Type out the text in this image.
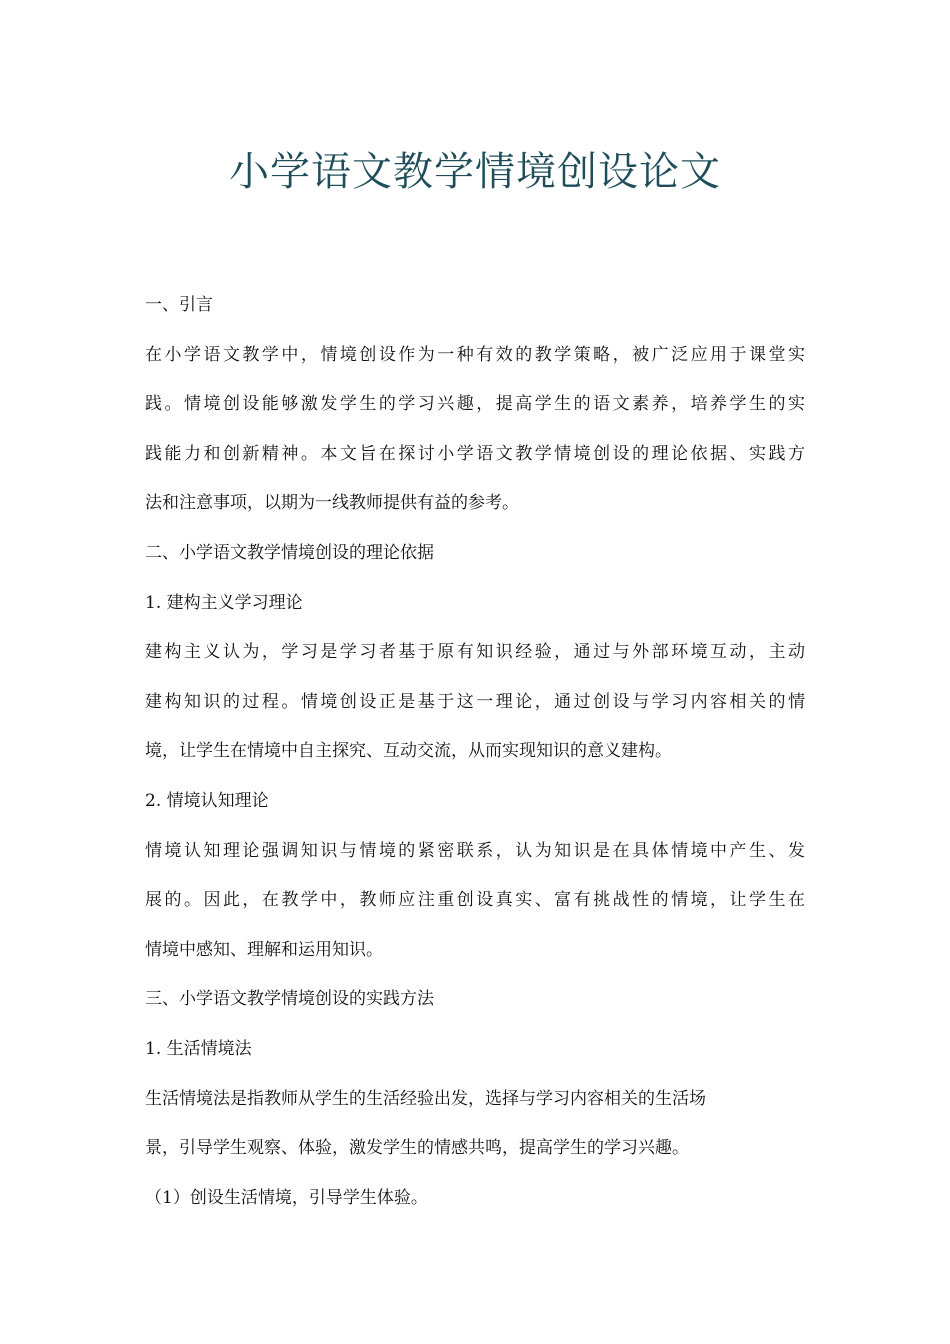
小学语文教学情境创设论文

一、引言

在小学语文教学中，情境创设作为一种有效的教学策略，被广泛应用于课堂实

践。情境创设能够激发学生的学习兴趣，提高学生的语文素养，培养学生的实

践能力和创新精神。本文旨在探讨小学语文教学情境创设的理论依据、实践方

法和注意事项，以期为一线教师提供有益的参考。

二、小学语文教学情境创设的理论依据

1. 建构主义学习理论

建构主义认为，学习是学习者基于原有知识经验，通过与外部环境互动，主动

建构知识的过程。情境创设正是基于这一理论，通过创设与学习内容相关的情

境，让学生在情境中自主探究、互动交流，从而实现知识的意义建构。

2. 情境认知理论

情境认知理论强调知识与情境的紧密联系，认为知识是在具体情境中产生、发

展的。因此，在教学中，教师应注重创设真实、富有挑战性的情境，让学生在

情境中感知、理解和运用知识。

三、小学语文教学情境创设的实践方法

1. 生活情境法

生活情境法是指教师从学生的生活经验出发，选择与学习内容相关的生活场

景，引导学生观察、体验，激发学生的情感共鸣，提高学生的学习兴趣。

（1）创设生活情境，引导学生体验。
